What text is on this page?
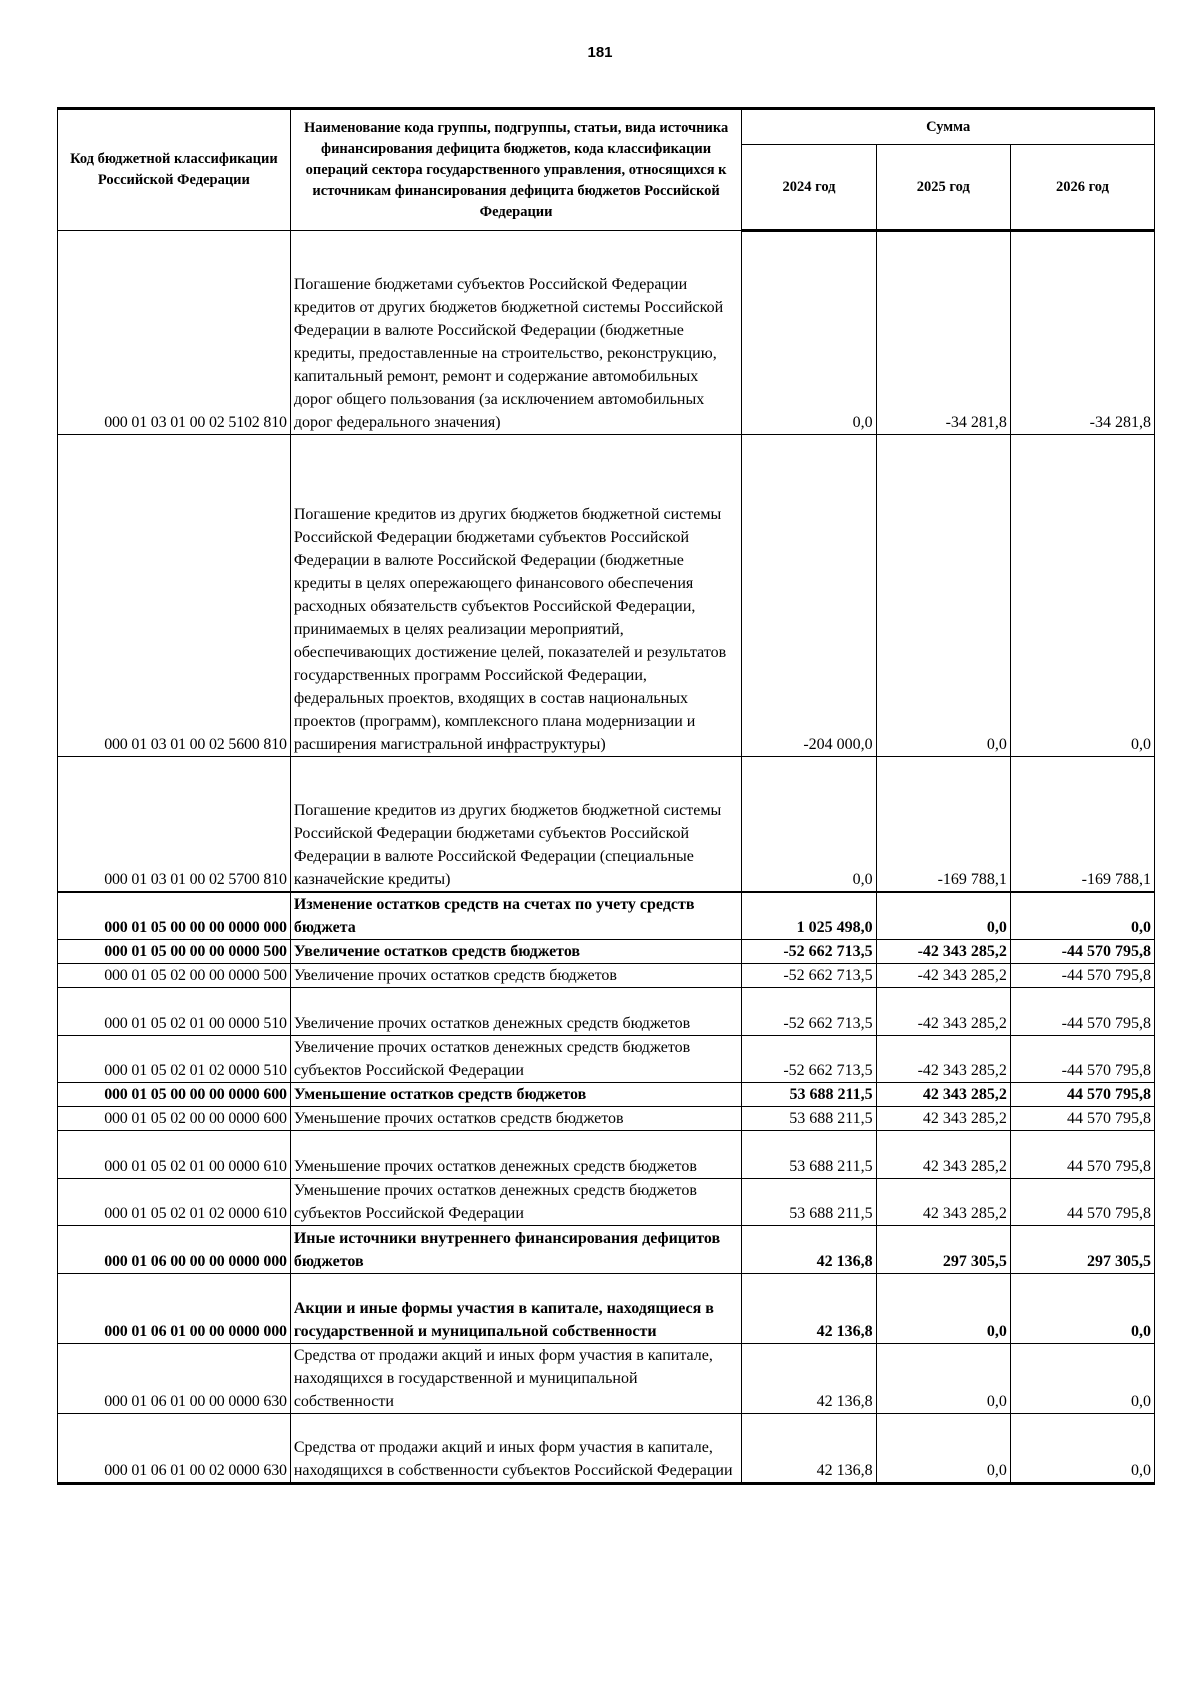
181
Код бюджетной классификации Российской Федерации	Наименование кода группы, подгруппы, статьи, вида источника финансирования дефицита бюджетов, кода классификации операций сектора государственного управления, относящихся к источникам финансирования дефицита бюджетов Российской Федерации	Сумма		
		2024 год	2025 год	2026 год
000 01 03 01 00 02 5102 810	Погашение бюджетами субъектов Российской Федерации кредитов от других бюджетов бюджетной системы Российской Федерации в валюте Российской Федерации (бюджетные кредиты, предоставленные на строительство, реконструкцию, капитальный ремонт, ремонт и содержание автомобильных дорог общего пользования (за исключением автомобильных дорог федерального значения)	0,0	-34 281,8	-34 281,8
000 01 03 01 00 02 5600 810	Погашение кредитов из других бюджетов бюджетной системы Российской Федерации бюджетами субъектов Российской Федерации в валюте Российской Федерации (бюджетные кредиты в целях опережающего финансового обеспечения расходных обязательств субъектов Российской Федерации, принимаемых в целях реализации мероприятий, обеспечивающих достижение целей, показателей и результатов государственных программ Российской Федерации, федеральных проектов, входящих в состав национальных проектов (программ), комплексного плана модернизации и расширения магистральной инфраструктуры)	-204 000,0	0,0	0,0
000 01 03 01 00 02 5700 810	Погашение кредитов из других бюджетов бюджетной системы Российской Федерации бюджетами субъектов Российской Федерации в валюте Российской Федерации (специальные казначейские кредиты)	0,0	-169 788,1	-169 788,1
000 01 05 00 00 00 0000 000	Изменение остатков средств на счетах по учету средств бюджета	1 025 498,0	0,0	0,0
000 01 05 00 00 00 0000 500	Увеличение остатков средств бюджетов	-52 662 713,5	-42 343 285,2	-44 570 795,8
000 01 05 02 00 00 0000 500	Увеличение прочих остатков средств бюджетов	-52 662 713,5	-42 343 285,2	-44 570 795,8
000 01 05 02 01 00 0000 510	Увеличение прочих остатков денежных средств бюджетов	-52 662 713,5	-42 343 285,2	-44 570 795,8
000 01 05 02 01 02 0000 510	Увеличение прочих остатков денежных средств бюджетов субъектов Российской Федерации	-52 662 713,5	-42 343 285,2	-44 570 795,8
000 01 05 00 00 00 0000 600	Уменьшение остатков средств бюджетов	53 688 211,5	42 343 285,2	44 570 795,8
000 01 05 02 00 00 0000 600	Уменьшение прочих остатков средств бюджетов	53 688 211,5	42 343 285,2	44 570 795,8
000 01 05 02 01 00 0000 610	Уменьшение прочих остатков денежных средств бюджетов	53 688 211,5	42 343 285,2	44 570 795,8
000 01 05 02 01 02 0000 610	Уменьшение прочих остатков денежных средств бюджетов субъектов Российской Федерации	53 688 211,5	42 343 285,2	44 570 795,8
000 01 06 00 00 00 0000 000	Иные источники внутреннего финансирования дефицитов бюджетов	42 136,8	297 305,5	297 305,5
000 01 06 01 00 00 0000 000	Акции и иные формы участия в капитале, находящиеся в государственной и муниципальной собственности	42 136,8	0,0	0,0
000 01 06 01 00 00 0000 630	Средства от продажи акций и иных форм участия в капитале, находящихся в государственной и муниципальной собственности	42 136,8	0,0	0,0
000 01 06 01 00 02 0000 630	Средства от продажи акций и иных форм участия в капитале, находящихся в собственности субъектов Российской Федерации	42 136,8	0,0	0,0
